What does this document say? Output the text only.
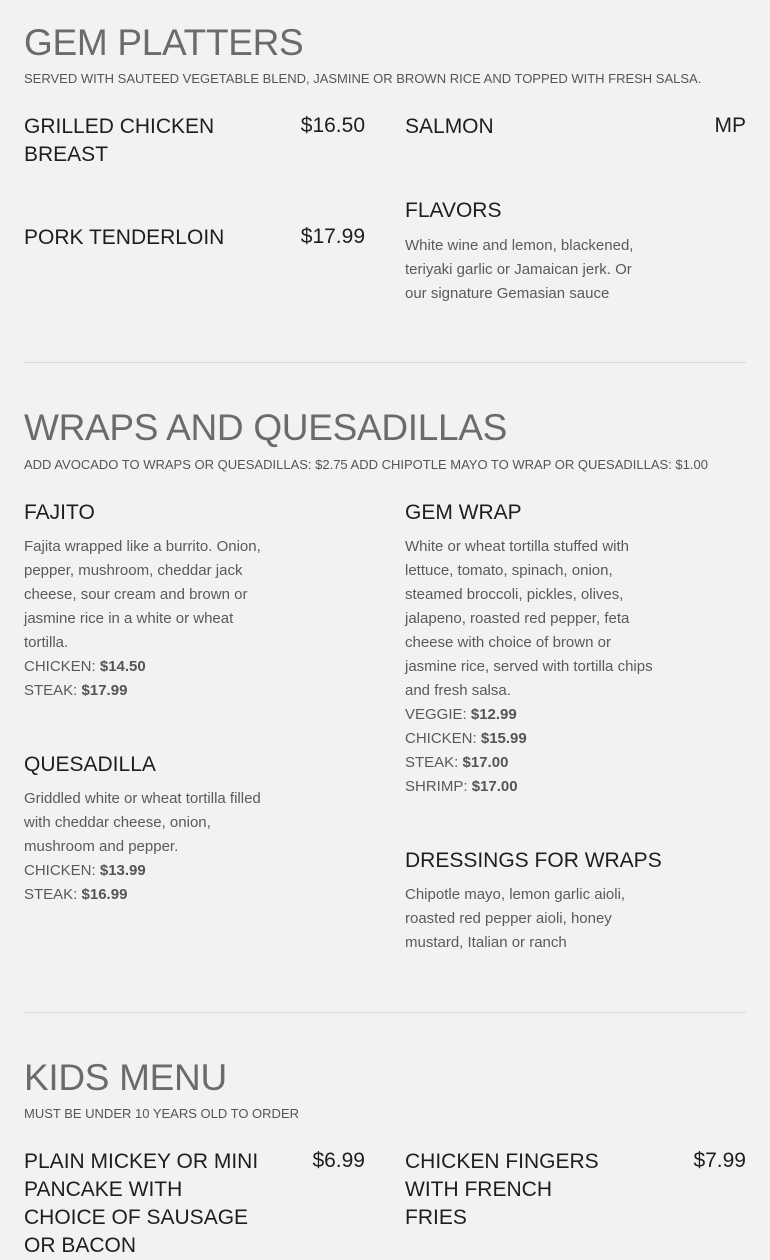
GEM PLATTERS
SERVED WITH SAUTEED VEGETABLE BLEND, JASMINE OR BROWN RICE AND TOPPED WITH FRESH SALSA.
GRILLED CHICKEN BREAST
$16.50
PORK TENDERLOIN	$17.99
SALMON	MP
FLAVORS
White wine and lemon, blackened, teriyaki garlic or Jamaican jerk. Or our signature Gemasian sauce
WRAPS AND QUESADILLAS
ADD AVOCADO TO WRAPS OR QUESADILLAS: $2.75 ADD CHIPOTLE MAYO TO WRAP OR QUESADILLAS: $1.00
FAJITO
Fajita wrapped like a burrito. Onion, pepper, mushroom, cheddar jack cheese, sour cream and brown or jasmine rice in a white or wheat tortilla.
CHICKEN: $14.50
STEAK: $17.99
QUESADILLA
Griddled white or wheat tortilla filled with cheddar cheese, onion, mushroom and pepper.
CHICKEN: $13.99
STEAK: $16.99
GEM WRAP
White or wheat tortilla stuffed with lettuce, tomato, spinach, onion, steamed broccoli, pickles, olives, jalapeno, roasted red pepper, feta cheese with choice of brown or jasmine rice, served with tortilla chips and fresh salsa.
VEGGIE: $12.99
CHICKEN: $15.99
STEAK: $17.00
SHRIMP: $17.00
DRESSINGS FOR WRAPS
Chipotle mayo, lemon garlic aioli, roasted red pepper aioli, honey mustard, Italian or ranch
KIDS MENU
MUST BE UNDER 10 YEARS OLD TO ORDER
PLAIN MICKEY OR MINI PANCAKE WITH CHOICE OF SAUSAGE OR BACON
$6.99 CHICKEN FINGERS WITH FRENCH FRIES
$7.99
